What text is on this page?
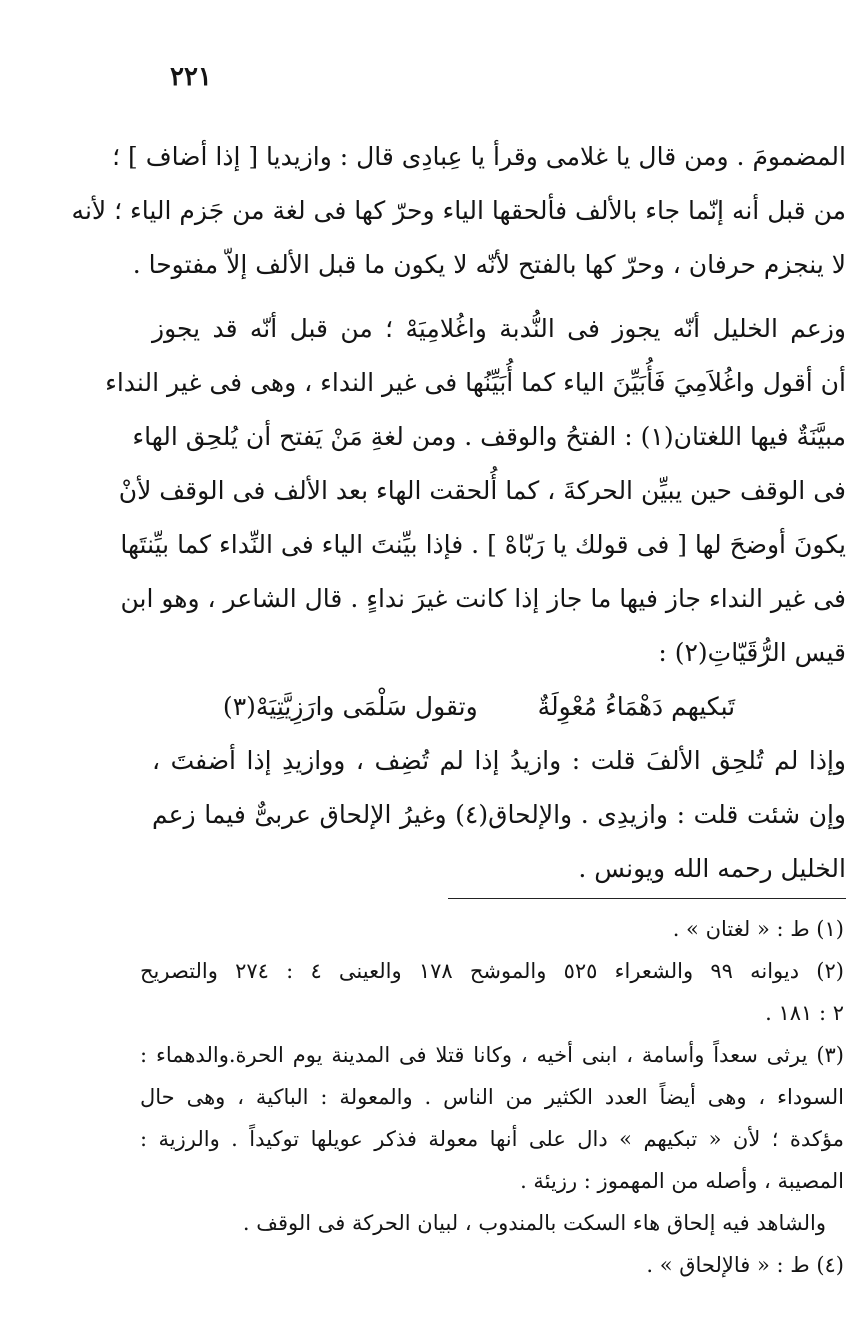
٢٢١
المضمومَ . ومن قال يا غلامى وقرأ يا عِبادِى قال : وازيديا [ إذا أضاف ] ؛
من قبل أنه إنّما جاء بالألف فألحقها الياء وحرّ كها فى لغة من جَزم الياء ؛ لأنه
لا ينجزم حرفان ، وحرّ كها بالفتح لأنّه لا يكون ما قبل الألف إلاّ مفتوحا .
وزعم الخليل أنّه يجوز فى النُّدبة واغُلامِيَهْ ؛ من قبل أنّه قد يجوز
أن أقول واغُلاَمِيَ فَأُبَيِّنَ الياء كما أُبَيِّنُها فى غير النداء ، وهى فى غير النداء
مبيَّنَةٌ فيها اللغتان(١) : الفتحُ والوقف . ومن لغةِ مَنْ يَفتح أن يُلحِق الهاء
فى الوقف حين يبيِّن الحركةَ ، كما أُلحقت الهاء بعد الألف فى الوقف لأنْ
يكونَ أوضحَ لها [ فى قولك يا رَبّاهْ ] . فإذا بيِّنتَ الياء فى النِّداء كما بيِّنتَها
فى غير النداء جاز فيها ما جاز إذا كانت غيرَ نداءٍ . قال الشاعر ، وهو ابن
قيس الرُّقَيّاتِ(٢) :
تَبكيهم دَهْمَاءُ مُعْوِلَةٌ
وتقول سَلْمَى وارَزِيَّتِيَهْ(٣)
وإذا لم تُلحِق الألفَ قلت : وازيدُ إذا لم تُضِف ، ووازيدِ إذا أضفتَ ،
وإن شئت قلت : وازيدِى . والإلحاق(٤) وغيرُ الإلحاق عربىٌّ فيما زعم
الخليل رحمه الله ويونس .
(١) ط : « لغتان » .
(٢) ديوانه ٩٩ والشعراء ٥٢٥ والموشح ١٧٨ والعينى ٤ : ٢٧٤ والتصريح
٢ : ١٨١ .
(٣) يرثى سعداً وأسامة ، ابنى أخيه ، وكانا قتلا فى المدينة يوم الحرة.والدهماء :
السوداء ، وهى أيضاً العدد الكثير من الناس . والمعولة : الباكية ، وهى حال
مؤكدة ؛ لأن « تبكيهم » دال على أنها معولة فذكر عويلها توكيداً . والرزية :
المصيبة ، وأصله من المهموز : رزيئة .
والشاهد فيه إلحاق هاء السكت بالمندوب ، لبيان الحركة فى الوقف .
(٤) ط : « فالإلحاق » .
